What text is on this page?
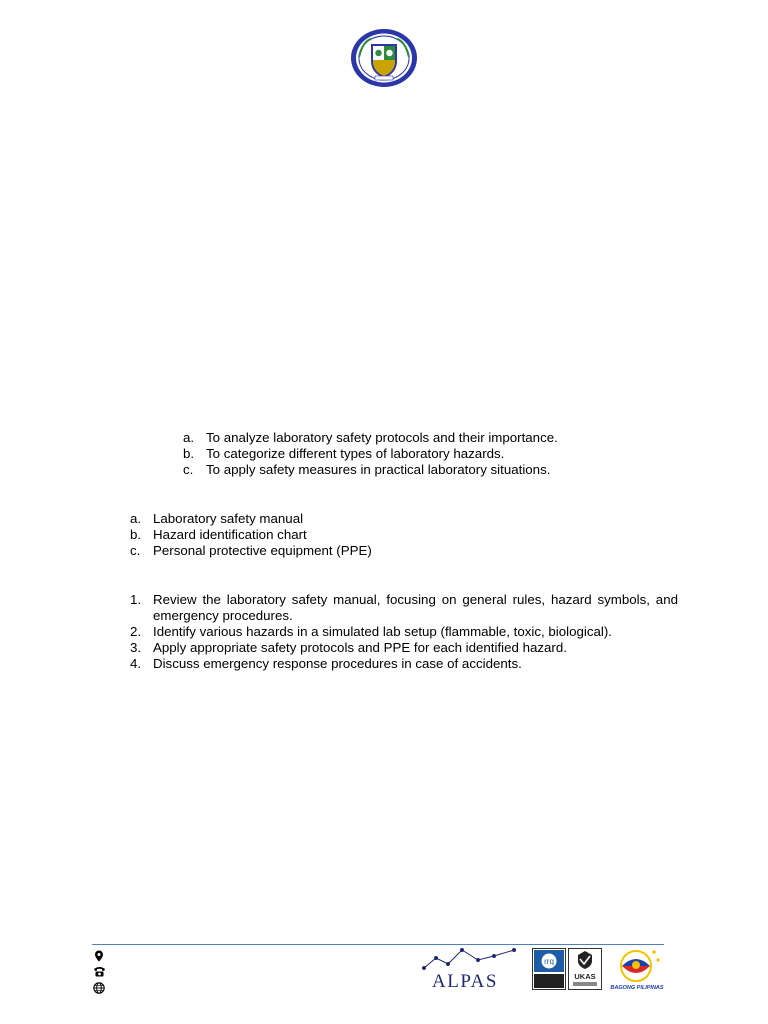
a. To analyze laboratory safety protocols and their importance.
b. To categorize different types of laboratory hazards.
c. To apply safety measures in practical laboratory situations.
a. Laboratory safety manual
b. Hazard identification chart
c. Personal protective equipment (PPE)
1. Review the laboratory safety manual, focusing on general rules, hazard symbols, and emergency procedures.
2. Identify various hazards in a simulated lab setup (flammable, toxic, biological).
3. Apply appropriate safety protocols and PPE for each identified hazard.
4. Discuss emergency response procedures in case of accidents.
ALPAS
rrq
UKAS
BAGONG PILIPINAS
